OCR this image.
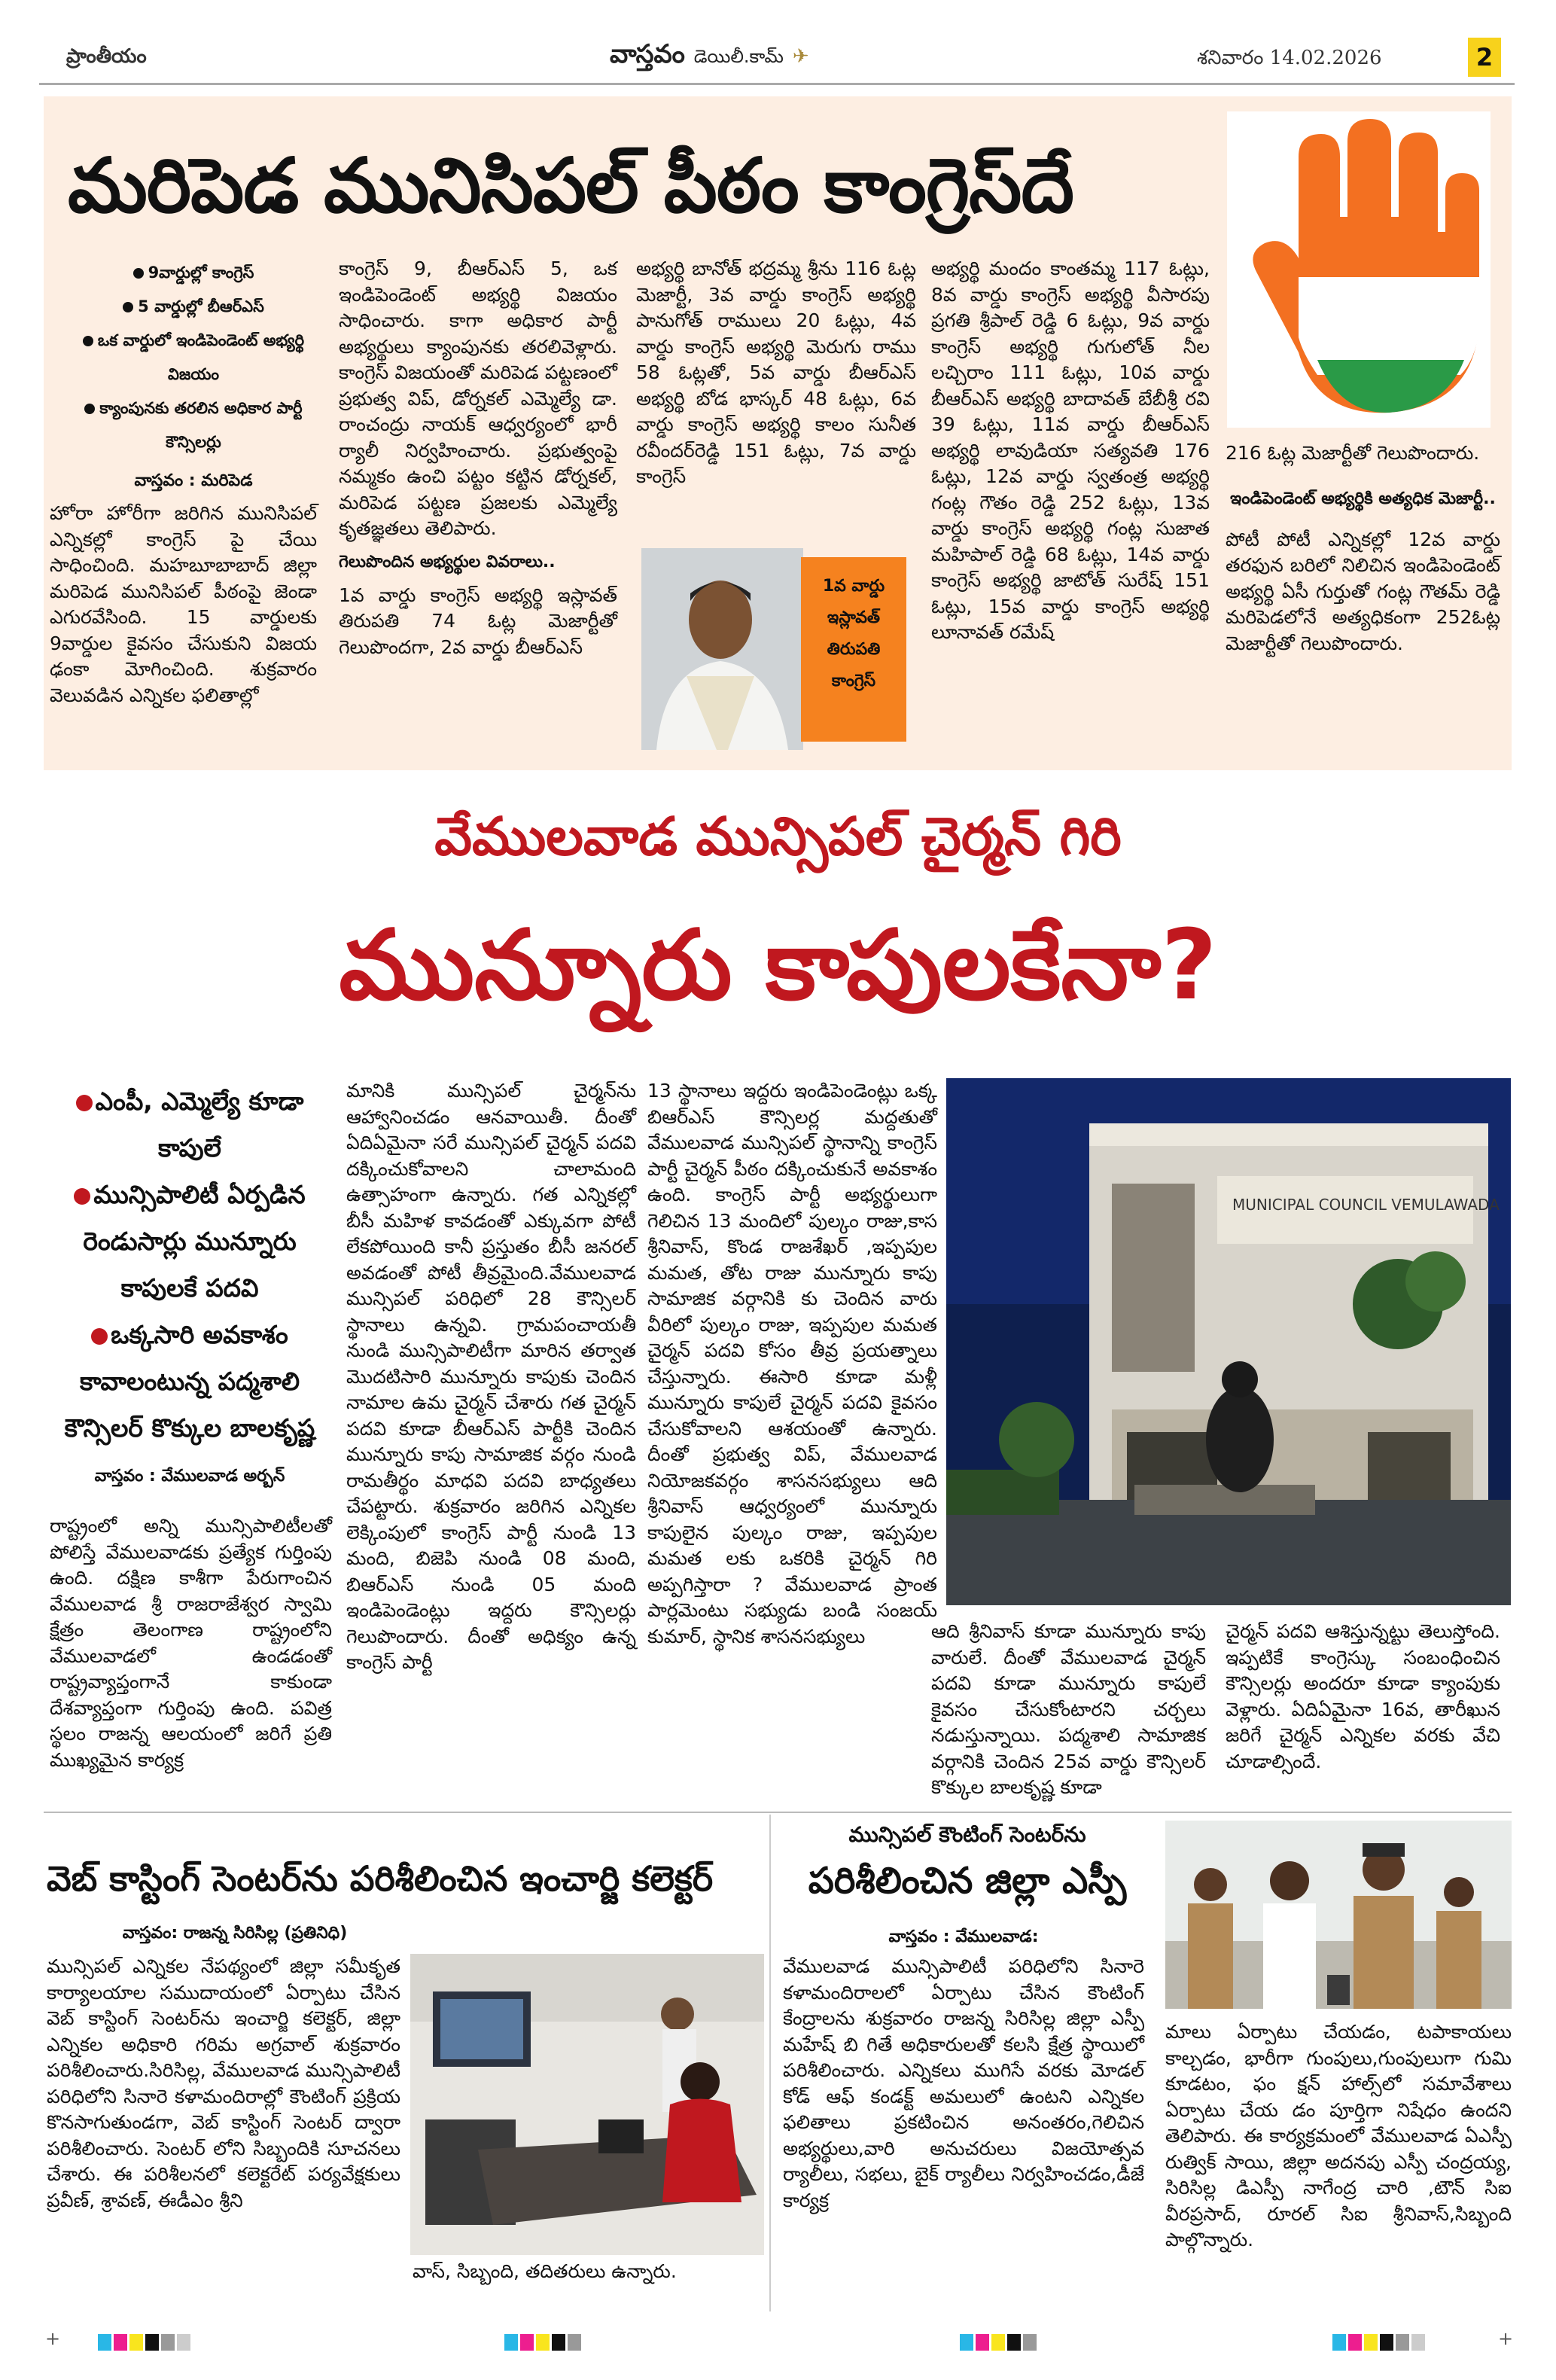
ప్రాంతీయం	వాస్తవం డెయిలీ.కామ్ ✈	శనివారం 14.02.2026	2
మరిపెడ మునిసిపల్ పీఠం కాంగ్రెస్‌దే
9వార్డుల్లో కాంగ్రెస్
5 వార్డుల్లో బీఆర్ఎస్
ఒక వార్డులో ఇండిపెండెంట్ అభ్యర్థి విజయం
క్యాంపునకు తరలిన అధికార పార్టీ కౌన్సిలర్లు
వాస్తవం : మరిపెడ
హోరా హోరీగా జరిగిన మునిసిపల్ ఎన్నికల్లో కాంగ్రెస్ పై చేయి సాధించింది. మహబూబాబాద్ జిల్లా మరిపెడ మునిసిపల్ పీఠంపై జెండా ఎగురవేసింది. 15 వార్డులకు 9వార్డుల కైవసం చేసుకుని విజయ ఢంకా మోగించింది. శుక్రవారం వెలువడిన ఎన్నికల ఫలితాల్లో
కాంగ్రెస్ 9, బీఆర్ఎస్ 5, ఒక ఇండిపెండెంట్ అభ్యర్థి విజయం సాధించారు. కాగా అధికార పార్టీ అభ్యర్థులు క్యాంపునకు తరలివెళ్లారు. కాంగ్రెస్ విజయంతో మరిపెడ పట్టణంలో ప్రభుత్వ విప్, డోర్నకల్ ఎమ్మెల్యే డా. రాంచంద్రు నాయక్ ఆధ్వర్యంలో భారీ ర్యాలీ నిర్వహించారు. ప్రభుత్వంపై నమ్మకం ఉంచి పట్టం కట్టిన డోర్నకల్, మరిపెడ పట్టణ ప్రజలకు ఎమ్మెల్యే కృతజ్ఞతలు తెలిపారు.
గెలుపొందిన అభ్యర్థుల వివరాలు..
1వ వార్డు కాంగ్రెస్ అభ్యర్థి ఇస్లావత్ తిరుపతి 74 ఓట్ల మెజార్టీతో గెలుపొందగా, 2వ వార్డు బీఆర్ఎస్
అభ్యర్థి బానోత్ భద్రమ్మ శ్రీను 116 ఓట్ల మెజార్టీ, 3వ వార్డు కాంగ్రెస్ అభ్యర్థి పానుగోత్ రాములు 20 ఓట్లు, 4వ వార్డు కాంగ్రెస్ అభ్యర్థి మెరుగు రాము 58 ఓట్లతో, 5వ వార్డు బీఆర్ఎస్ అభ్యర్థి బోడ భాస్కర్ 48 ఓట్లు, 6వ వార్డు కాంగ్రెస్ అభ్యర్థి కాలం సునీత రవీందర్‌రెడ్డి 151 ఓట్లు, 7వ వార్డు కాంగ్రెస్
1వ వార్డు
ఇస్లావత్
తిరుపతి
కాంగ్రెస్
అభ్యర్థి మందం కాంతమ్మ 117 ఓట్లు, 8వ వార్డు కాంగ్రెస్ అభ్యర్థి వీసారపు ప్రగతి శ్రీపాల్ రెడ్డి 6 ఓట్లు, 9వ వార్డు కాంగ్రెస్ అభ్యర్థి గుగులోత్ నీల లచ్చిరాం 111 ఓట్లు, 10వ వార్డు బీఆర్ఎస్ అభ్యర్థి బాదావత్ బేబీశ్రీ రవి 39 ఓట్లు, 11వ వార్డు బీఆర్ఎస్ అభ్యర్థి లావుడియా సత్యవతి 176 ఓట్లు, 12వ వార్డు స్వతంత్ర అభ్యర్థి గంట్ల గౌతం రెడ్డి 252 ఓట్లు, 13వ వార్డు కాంగ్రెస్ అభ్యర్థి గంట్ల సుజాత మహిపాల్ రెడ్డి 68 ఓట్లు, 14వ వార్డు కాంగ్రెస్ అభ్యర్థి జాటోత్ సురేష్ 151 ఓట్లు, 15వ వార్డు కాంగ్రెస్ అభ్యర్థి లూనావత్ రమేష్
216 ఓట్ల మెజార్టీతో గెలుపొందారు.
ఇండిపెండెంట్ అభ్యర్థికి అత్యధిక మెజార్టీ..
పోటీ పోటీ ఎన్నికల్లో 12వ వార్డు తరఫున బరిలో నిలిచిన ఇండిపెండెంట్ అభ్యర్థి ఏసీ గుర్తుతో గంట్ల గౌతమ్ రెడ్డి మరిపెడలోనే అత్యధికంగా 252ఓట్ల మెజార్టీతో గెలుపొందారు.
వేములవాడ మున్సిపల్ చైర్మన్ గిరి
మున్నూరు కాపులకేనా?
ఎంపీ, ఎమ్మెల్యే కూడా కాపులే
మున్సిపాలిటీ ఏర్పడిన రెండుసార్లు మున్నూరు కాపులకే పదవి
ఒక్కసారి అవకాశం కావాలంటున్న పద్మశాలి కౌన్సిలర్ కొక్కుల బాలకృష్ణ
వాస్తవం : వేములవాడ అర్బన్
రాష్ట్రంలో అన్ని మున్సిపాలిటీలతో పోలిస్తే వేములవాడకు ప్రత్యేక గుర్తింపు ఉంది. దక్షిణ కాశీగా పేరుగాంచిన వేములవాడ శ్రీ రాజరాజేశ్వర స్వామి క్షేత్రం తెలంగాణ రాష్ట్రంలోని వేములవాడలో ఉండడంతో రాష్ట్రవ్యాప్తంగానే కాకుండా దేశవ్యాప్తంగా గుర్తింపు ఉంది. పవిత్ర స్థలం రాజన్న ఆలయంలో జరిగే ప్రతి ముఖ్యమైన కార్యక్ర
మానికి మున్సిపల్ చైర్మన్‌ను ఆహ్వానించడం ఆనవాయితీ. దీంతో ఏదిఏమైనా సరే మున్సిపల్ చైర్మన్ పదవి దక్కించుకోవాలని చాలామంది ఉత్సాహంగా ఉన్నారు. గత ఎన్నికల్లో బీసీ మహిళ కావడంతో ఎక్కువగా పోటీ లేకపోయింది కానీ ప్రస్తుతం బీసీ జనరల్ అవడంతో పోటీ తీవ్రమైంది.వేములవాడ మున్సిపల్ పరిధిలో 28 కౌన్సిలర్ స్థానాలు ఉన్నవి. గ్రామపంచాయతీ నుండి మున్సిపాలిటీగా మారిన తర్వాత మొదటిసారి మున్నూరు కాపుకు చెందిన నామాల ఉమ చైర్మన్ చేశారు గత చైర్మన్ పదవి కూడా బీఆర్ఎస్ పార్టీకి చెందిన మున్నూరు కాపు సామాజిక వర్గం నుండి రామతీర్థం మాధవి పదవి బాధ్యతలు చేపట్టారు. శుక్రవారం జరిగిన ఎన్నికల లెక్కింపులో కాంగ్రెస్ పార్టీ నుండి 13 మంది, బిజెపి నుండి 08 మంది, బిఆర్ఎస్ నుండి 05 మంది ఇండిపెండెంట్లు ఇద్దరు కౌన్సిలర్లు గెలుపొందారు. దీంతో అధిక్యం ఉన్న కాంగ్రెస్ పార్టీ
13 స్థానాలు ఇద్దరు ఇండిపెండెంట్లు ఒక్క బిఆర్ఎస్ కౌన్సిలర్ల మద్దతుతో వేములవాడ మున్సిపల్ స్థానాన్ని కాంగ్రెస్ పార్టీ చైర్మన్ పీఠం దక్కించుకునే అవకాశం ఉంది. కాంగ్రెస్ పార్టీ అభ్యర్థులుగా గెలిచిన 13 మందిలో పుల్కం రాజు,కాస శ్రీనివాస్, కొండ రాజశేఖర్ ,ఇప్పపుల మమత, తోట రాజు మున్నూరు కాపు సామాజిక వర్గానికి కు చెందిన వారు వీరిలో పుల్కం రాజు, ఇప్పపుల మమత చైర్మన్ పదవి కోసం తీవ్ర ప్రయత్నాలు చేస్తున్నారు. ఈసారి కూడా మళ్లీ మున్నూరు కాపులే చైర్మన్ పదవి కైవసం చేసుకోవాలని ఆశయంతో ఉన్నారు. దీంతో ప్రభుత్వ విప్, వేములవాడ నియోజకవర్గం శాసనసభ్యులు ఆది శ్రీనివాస్ ఆధ్వర్యంలో మున్నూరు కాపులైన పుల్కం రాజు, ఇప్పపుల మమత లకు ఒకరికి చైర్మన్ గిరి అప్పగిస్తారా ? వేములవాడ ప్రాంత పార్లమెంటు సభ్యుడు బండి సంజయ్ కుమార్, స్థానిక శాసనసభ్యులు
MUNICIPAL COUNCIL VEMULAWADA
ఆది శ్రీనివాస్ కూడా మున్నూరు కాపు వారులే. దీంతో వేములవాడ చైర్మన్ పదవి కూడా మున్నూరు కాపులే కైవసం చేసుకోంటారని చర్చలు నడుస్తున్నాయి. పద్మశాలి సామాజిక వర్గానికి చెందిన 25వ వార్డు కౌన్సిలర్ కొక్కుల బాలకృష్ణ కూడా
చైర్మన్ పదవి ఆశిస్తున్నట్టు తెలుస్తోంది. ఇప్పటికే కాంగ్రెస్కు సంబంధించిన కౌన్సిలర్లు అందరూ కూడా క్యాంపుకు వెళ్లారు. ఏదిఏమైనా 16వ, తారీఖున జరిగే చైర్మన్ ఎన్నికల వరకు వేచి చూడాల్సిందే.
వెబ్ కాస్టింగ్ సెంటర్‌ను పరిశీలించిన ఇంచార్జి కలెక్టర్
వాస్తవం: రాజన్న సిరిసిల్ల (ప్రతినిధి)
మున్సిపల్ ఎన్నికల నేపథ్యంలో జిల్లా సమీకృత కార్యాలయాల సముదాయంలో ఏర్పాటు చేసిన వెబ్ కాస్టింగ్ సెంటర్‌ను ఇంచార్జి కలెక్టర్, జిల్లా ఎన్నికల అధికారి గరిమ అగ్రవాల్ శుక్రవారం పరిశీలించారు.సిరిసిల్ల, వేములవాడ మున్సిపాలిటీ పరిధిలోని సినారె కళామందిరాల్లో కౌంటింగ్ ప్రక్రియ కొనసాగుతుండగా, వెబ్ కాస్టింగ్ సెంటర్ ద్వారా పరిశీలించారు. సెంటర్ లోని సిబ్బందికి సూచనలు చేశారు. ఈ పరిశీలనలో కలెక్టరేట్ పర్యవేక్షకులు ప్రవీణ్, శ్రావణ్, ఈడీఎం శ్రీని
వాస్, సిబ్బంది, తదితరులు ఉన్నారు.
మున్సిపల్ కౌంటింగ్ సెంటర్‌ను
పరిశీలించిన జిల్లా ఎస్పీ
వాస్తవం : వేములవాడ:
వేములవాడ మున్సిపాలిటీ పరిధిలోని సినారె కళామందిరాలలో ఏర్పాటు చేసిన కౌంటింగ్ కేంద్రాలను శుక్రవారం రాజన్న సిరిసిల్ల జిల్లా ఎస్పీ మహేష్ బి గితే అధికారులతో కలసి క్షేత్ర స్థాయిలో పరిశీలించారు. ఎన్నికలు ముగిసే వరకు మోడల్ కోడ్ ఆఫ్ కండక్ట్ అమలులో ఉంటని ఎన్నికల ఫలితాలు ప్రకటించిన అనంతరం,గెలిచిన అభ్యర్థులు,వారి అనుచరులు విజయోత్సవ ర్యాలీలు, సభలు, బైక్ ర్యాలీలు నిర్వహించడం,డీజే కార్యక్ర
మాలు ఏర్పాటు చేయడం, టపాకాయలు కాల్చడం, భారీగా గుంపులు,గుంపులుగా గుమి కూడటం, ఫం క్షన్ హాల్స్‌లో సమావేశాలు ఏర్పాటు చేయ డం పూర్తిగా నిషేధం ఉందని తెలిపారు. ఈ కార్యక్రమంలో వేములవాడ ఏఎస్పీ రుత్విక్ సాయి, జిల్లా అదనపు ఎస్పీ చంద్రయ్య, సిరిసిల్ల డిఎస్పీ నాగేంద్ర చారి ,టౌన్ సిఐ వీరప్రసాద్, రూరల్ సిఐ శ్రీనివాస్,సిబ్బంది పాల్గొన్నారు.
+	+
